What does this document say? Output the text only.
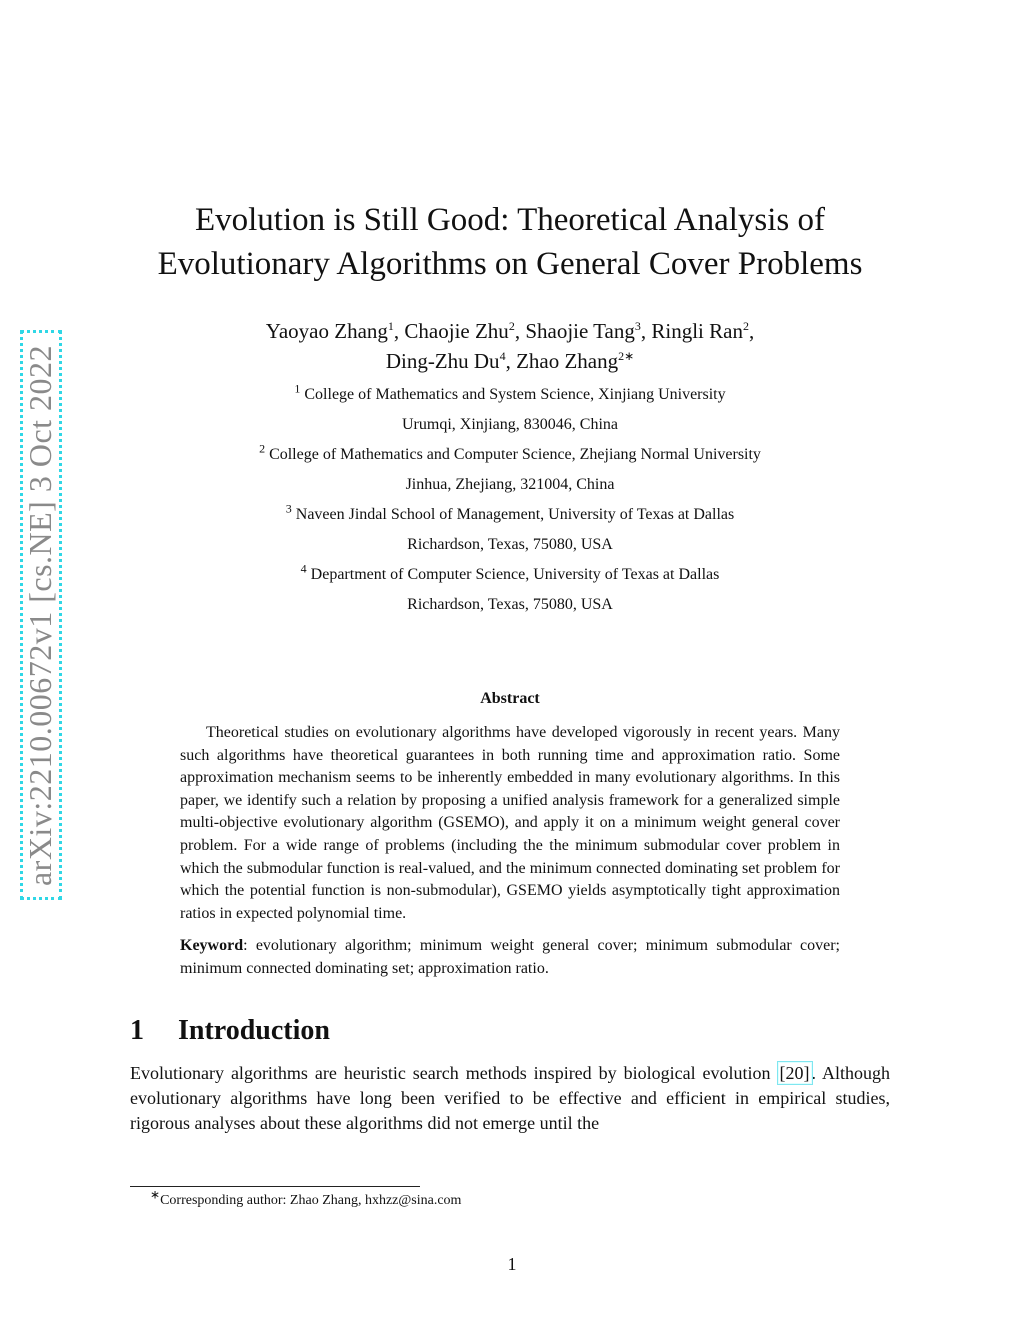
arXiv:2210.00672v1 [cs.NE] 3 Oct 2022
Evolution is Still Good: Theoretical Analysis of
Evolutionary Algorithms on General Cover Problems
Yaoyao Zhang$^1$, Chaojie Zhu$^2$, Shaojie Tang$^3$, Ringli Ran$^2$,
Ding-Zhu Du$^4$, Zhao Zhang$^{2∗}$
$^1$ College of Mathematics and System Science, Xinjiang University
Urumqi, Xinjiang, 830046, China
$^2$ College of Mathematics and Computer Science, Zhejiang Normal University
Jinhua, Zhejiang, 321004, China
$^3$ Naveen Jindal School of Management, University of Texas at Dallas
Richardson, Texas, 75080, USA
$^4$ Department of Computer Science, University of Texas at Dallas
Richardson, Texas, 75080, USA
Abstract
Theoretical studies on evolutionary algorithms have developed vigorously in recent years. Many such algorithms have theoretical guarantees in both running time and approximation ratio. Some approximation mechanism seems to be inherently embedded in many evolutionary algorithms. In this paper, we identify such a relation by proposing a unified analysis framework for a generalized simple multi-objective evolutionary algorithm (GSEMO), and apply it on a minimum weight general cover problem. For a wide range of problems (including the the minimum submodular cover problem in which the submodular function is real-valued, and the minimum connected dominating set problem for which the potential function is non-submodular), GSEMO yields asymptotically tight approximation ratios in expected polynomial time.
Keyword: evolutionary algorithm; minimum weight general cover; minimum submodular cover; minimum connected dominating set; approximation ratio.
1	Introduction
Evolutionary algorithms are heuristic search methods inspired by biological evolution [20] . Although evolutionary algorithms have long been verified to be effective and efficient in empirical studies, rigorous analyses about these algorithms did not emerge until the
∗Corresponding author: Zhao Zhang, hxhzz@sina.com
1
